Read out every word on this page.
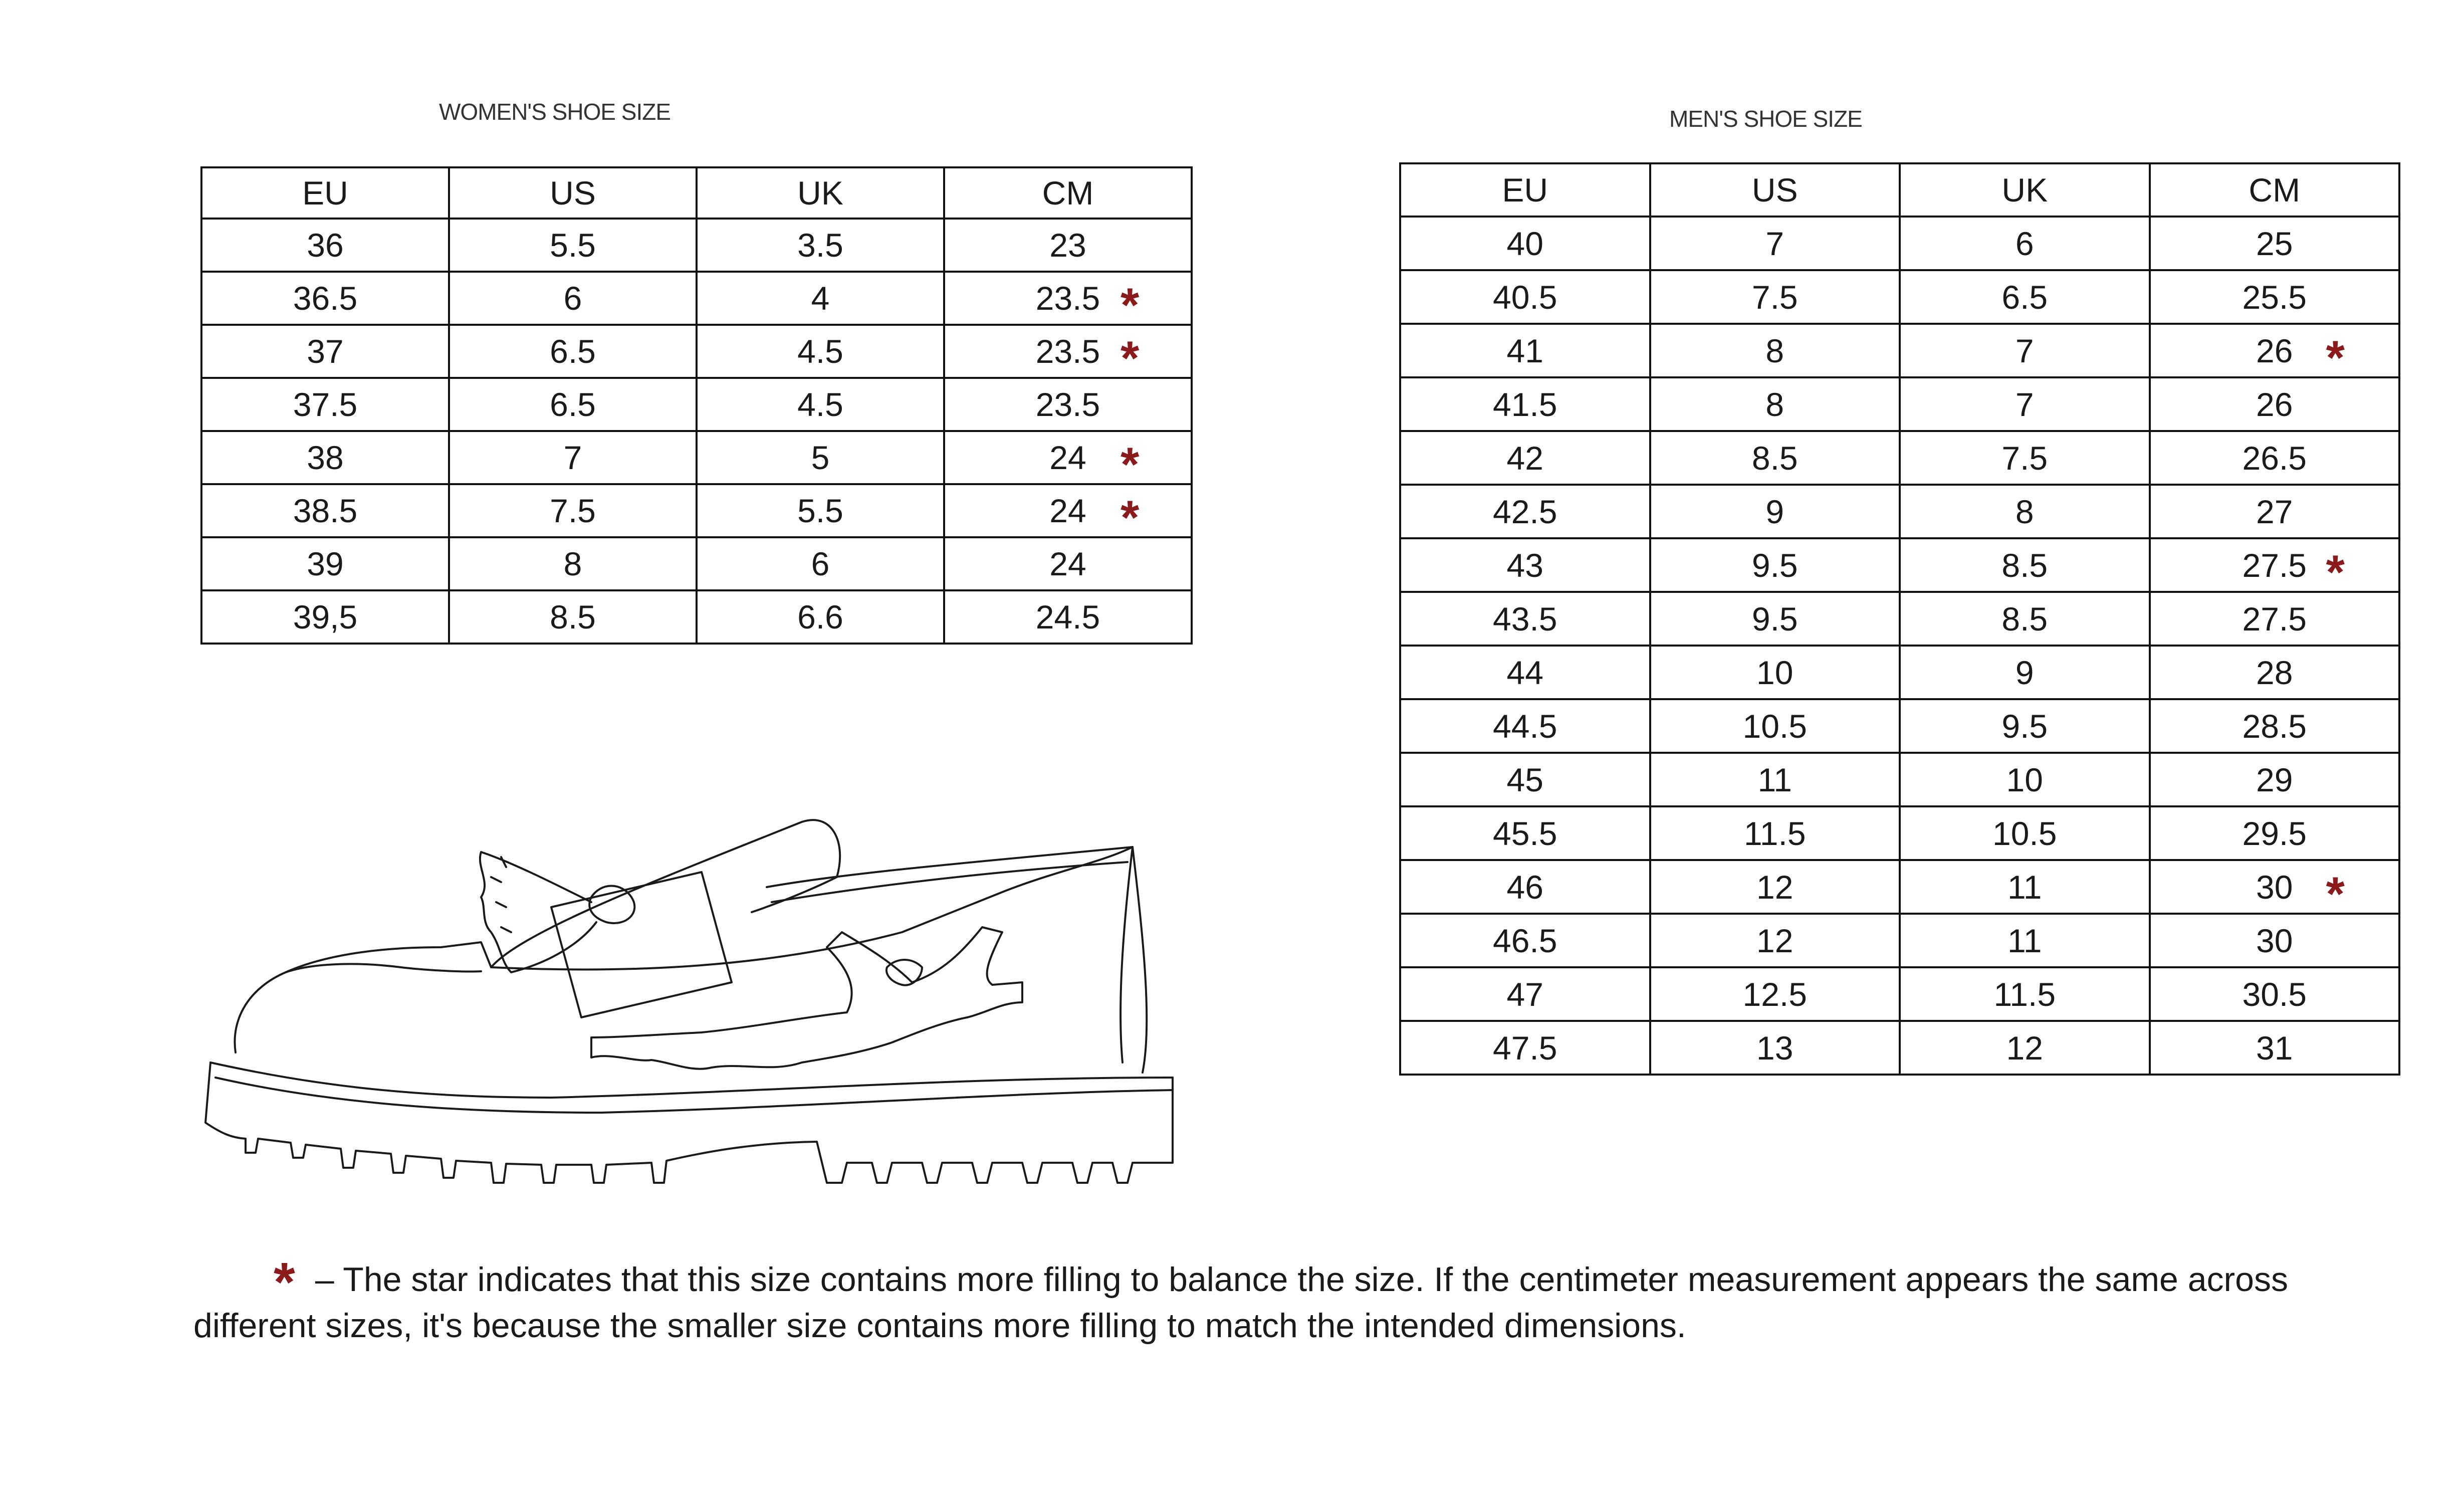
WOMEN'S SHOE SIZE
EU	US	UK	CM
36	5.5	3.5	23
36.5	6	4	23.5 *

37	6.5	4.5	23.5 *

37.5	6.5	4.5	23.5
38	7	5	24 *

38.5	7.5	5.5	24 *

39	8	6	24
39,5	8.5	6.6	24.5
MEN'S SHOE SIZE
EU	US	UK	CM
40	7	6	25
40.5	7.5	6.5	25.5
41	8	7	26 *

41.5	8	7	26
42	8.5	7.5	26.5
42.5	9	8	27
43	9.5	8.5	27.5 *

43.5	9.5	8.5	27.5
44	10	9	28
44.5	10.5	9.5	28.5
45	11	10	29
45.5	11.5	10.5	29.5
46	12	11	30 *

46.5	12	11	30
47	12.5	11.5	30.5
47.5	13	12	31
* – The star indicates that this size contains more filling to balance the size. If the centimeter measurement appears the same across different sizes, it's because the smaller size contains more filling to match the intended dimensions.
